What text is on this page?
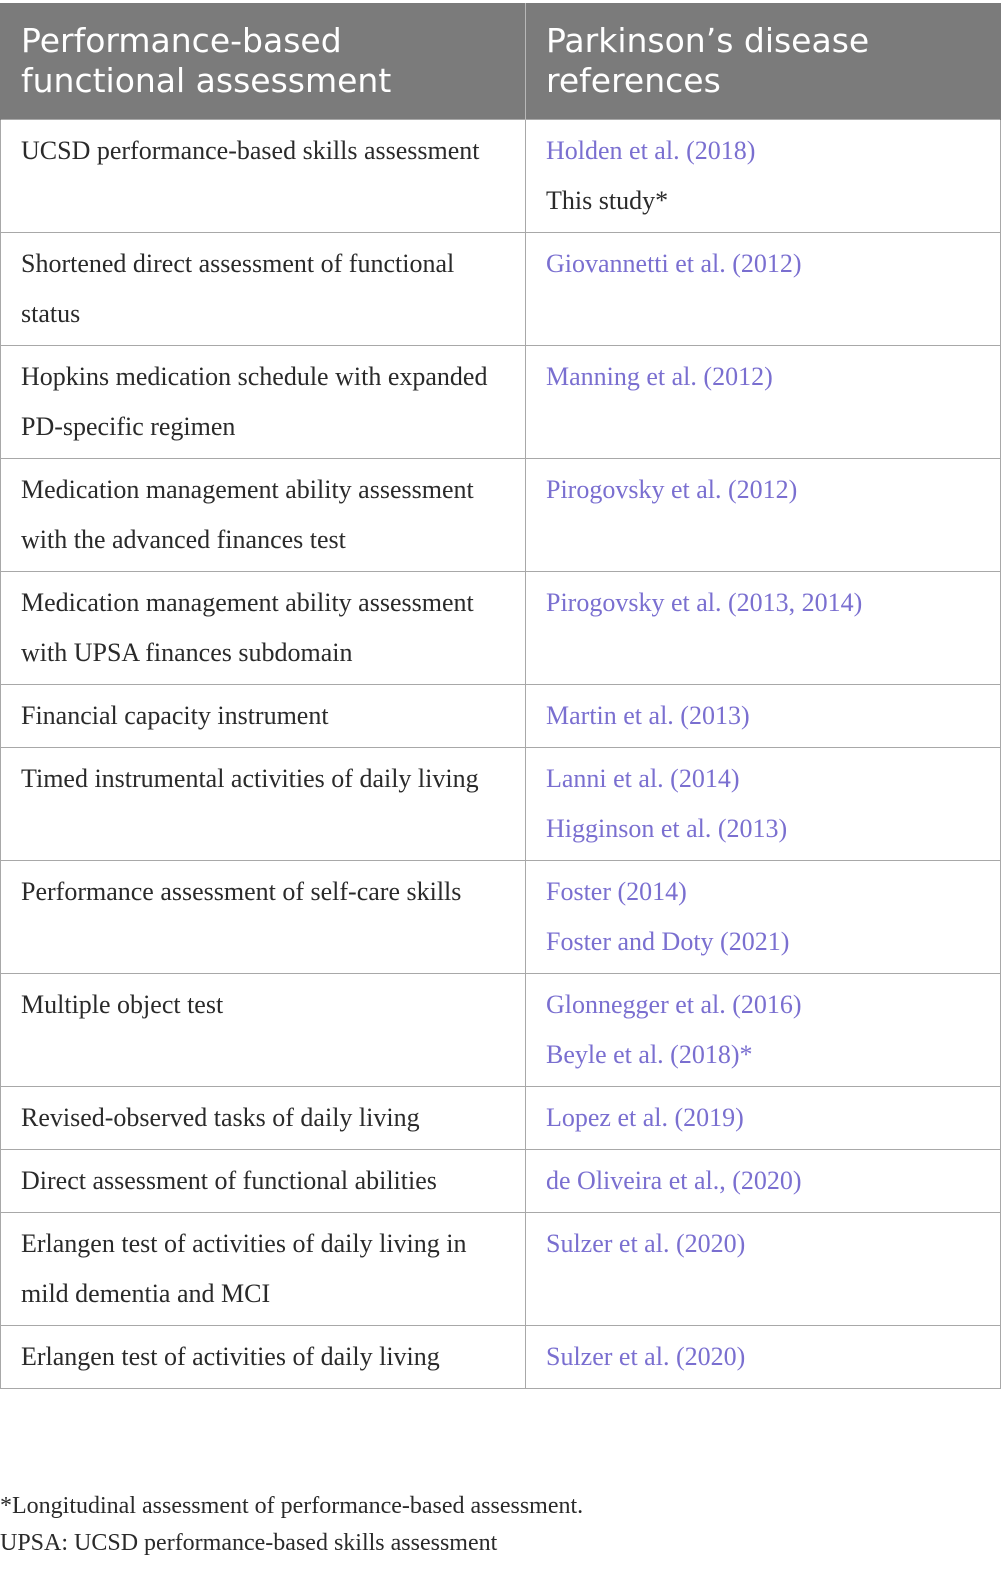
Performance-based functional assessment	Parkinson’s disease references
UCSD performance-based skills assessment	Holden et al. (2018)
This study*

Shortened direct assessment of functional status	Giovannetti et al. (2012)

Hopkins medication schedule with expanded PD-specific regimen	Manning et al. (2012)

Medication management ability assessment with the advanced finances test	Pirogovsky et al. (2012)

Medication management ability assessment with UPSA finances subdomain	Pirogovsky et al. (2013, 2014)

Financial capacity instrument	Martin et al. (2013)

Timed instrumental activities of daily living	Lanni et al. (2014)
Higginson et al. (2013)

Performance assessment of self-care skills	Foster (2014)
Foster and Doty (2021)

Multiple object test	Glonnegger et al. (2016)
Beyle et al. (2018)*

Revised-observed tasks of daily living	Lopez et al. (2019)

Direct assessment of functional abilities	de Oliveira et al., (2020)

Erlangen test of activities of daily living in mild dementia and MCI	Sulzer et al. (2020)

Erlangen test of activities of daily living	Sulzer et al. (2020)
*Longitudinal assessment of performance-based assessment.
UPSA: UCSD performance-based skills assessment
